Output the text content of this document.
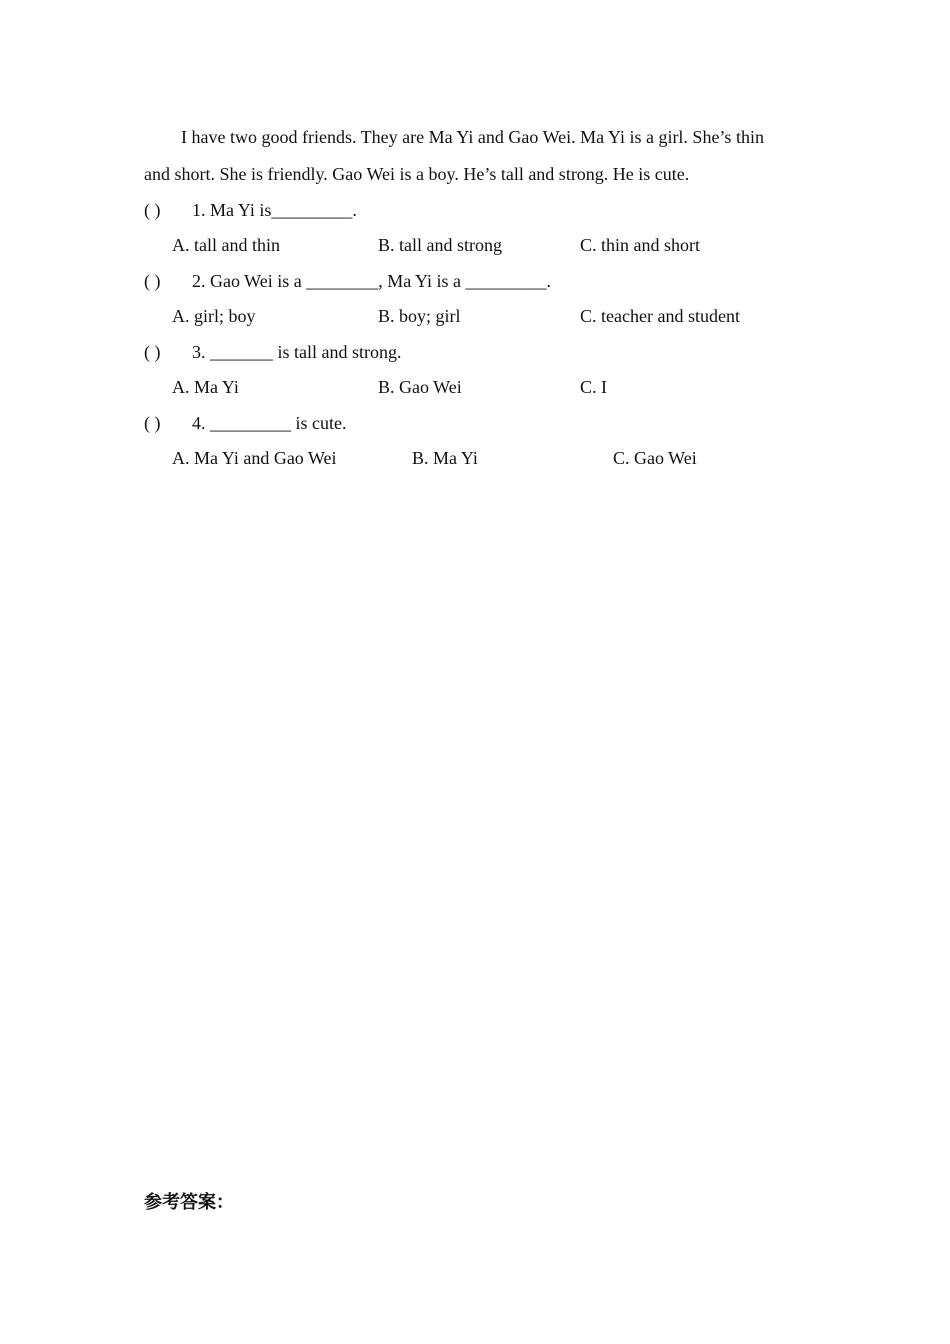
I have two good friends. They are Ma Yi and Gao Wei. Ma Yi is a girl. She’s thin
and short. She is friendly. Gao Wei is a boy. He’s tall and strong. He is cute.
( ) 1. Ma Yi is_________.
A. tall and thin	B. tall and strong	C. thin and short
( ) 2. Gao Wei is a ________, Ma Yi is a _________.
A. girl; boy	B. boy; girl	C. teacher and student
( ) 3. _______ is tall and strong.
A. Ma Yi	B. Gao Wei	C. I
( ) 4. _________ is cute.
A. Ma Yi and Gao Wei	B. Ma Yi	C. Gao Wei
参考答案：
